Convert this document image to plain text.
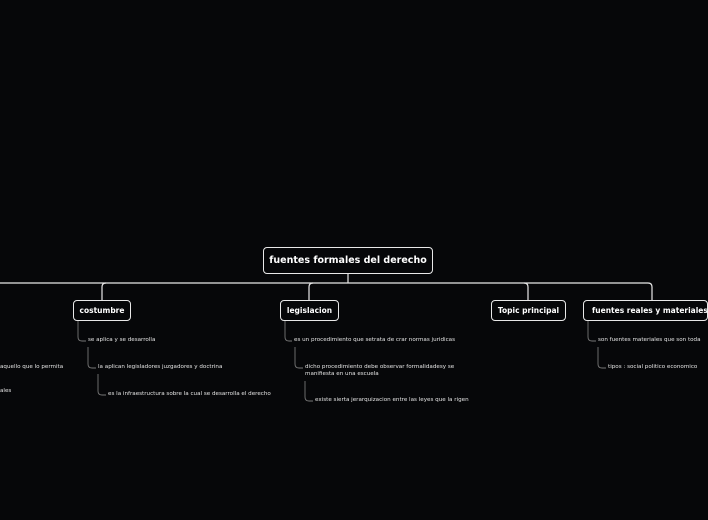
fuentes formales del derecho
costumbre	legislacion	Topic principal	fuentes reales y materiales
aquello que lo permita
ales
se aplica y se desarrolla
la aplican legisladores juzgadores y doctrina
es la infraestructura sobre la cual se desarrolla el derecho
es un procedimiento que setrata de crar normas juridicas
dicho procedimiento debe observar formalidadesy se
manifiesta en una escuela
existe sierta jerarquizacion entre las leyes que la rigen
son fuentes materiales que son toda
tipos : social politico economico
